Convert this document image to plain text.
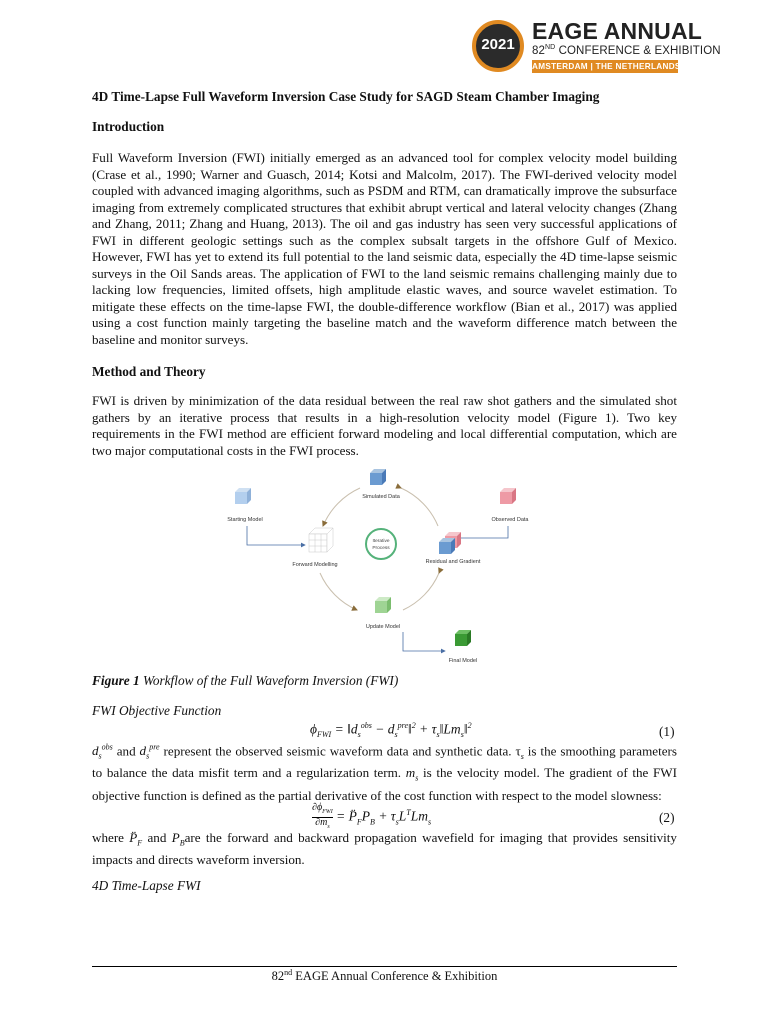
2021
EAGE ANNUAL
82ND CONFERENCE & EXHIBITION
AMSTERDAM | THE NETHERLANDS
4D Time-Lapse Full Waveform Inversion Case Study for SAGD Steam Chamber Imaging
Introduction
Full Waveform Inversion (FWI) initially emerged as an advanced tool for complex velocity model building (Crase et al., 1990; Warner and Guasch, 2014; Kotsi and Malcolm, 2017). The FWI-derived velocity model coupled with advanced imaging algorithms, such as PSDM and RTM, can dramatically improve the subsurface imaging from extremely complicated structures that exhibit abrupt vertical and lateral velocity changes (Zhang and Zhang, 2011; Zhang and Huang, 2013). The oil and gas industry has seen very successful applications of FWI in different geologic settings such as the complex subsalt targets in the offshore Gulf of Mexico. However, FWI has yet to extend its full potential to the land seismic data, especially the 4D time-lapse seismic surveys in the Oil Sands areas. The application of FWI to the land seismic remains challenging mainly due to lacking low frequencies, limited offsets, high amplitude elastic waves, and source wavelet estimation. To mitigate these effects on the time-lapse FWI, the double-difference workflow (Bian et al., 2017) was applied using a cost function mainly targeting the baseline match and the waveform difference match between the baseline and monitor surveys.
Method and Theory
FWI is driven by minimization of the data residual between the real raw shot gathers and the simulated shot gathers by an iterative process that results in a high-resolution velocity model (Figure 1). Two key requirements in the FWI method are efficient forward modeling and local differential computation, which are two major computational costs in the FWI process.
Simulated Data
Starting Model	Observed Data
Iterative
Process
Forward Modelling	Residual and Gradient
Update Model
Final Model
Figure 1 Workflow of the Full Waveform Inversion (FWI)
FWI Objective Function
$\phi_{FWI}$ = $‖d_s^{obs}$ − $d_s^{pre}‖^2$ + $\tau_s‖Lm_s‖^2$	(1)
$d_s^{obs}$ and $d_s^{pre}$ represent the observed seismic waveform data and synthetic data. $\tau_s$ is the smoothing parameters to balance the data misfit term and a regularization term. $m_s$ is the velocity model. The gradient of the FWI objective function is defined as the partial derivative of the cost function with respect to the model slowness:
$\partial\phi_{FWI}$
$\partial m_s$
= $P̈_FP_B + \tau_sL^TLm_s$	(2)
where $P̈_F$ and $P_Bare$ the forward and backward propagation wavefield for imaging that provides sensitivity impacts and directs waveform inversion.
4D Time-Lapse FWI
82nd EAGE Annual Conference & Exhibition
